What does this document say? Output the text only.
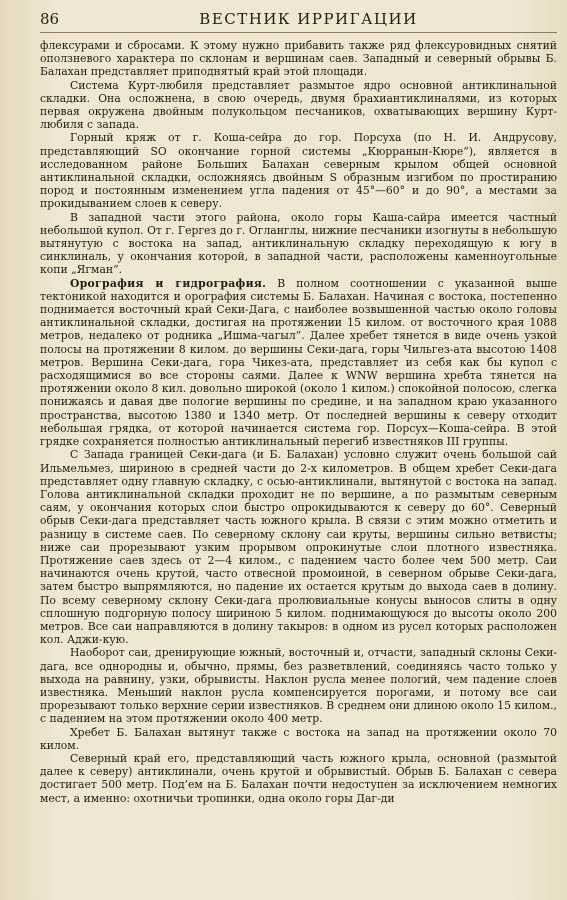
86	ВЕСТНИК ИРРИГАЦИИ

флексурами и сбросами. К этому нужно прибавить также ряд флексуровидных снятий оползневого характера по склонам и вершинам саев. Западный и северный обрывы Б. Балахан представляет приподнятый край этой площади.

Система Курт-любиля представляет размытое ядро основной антиклинальной складки. Она осложнена, в свою очередь, двумя брахиантиклиналями, из которых первая окружена двойным полукольцом песчаников, охватывающих вершину Курт-любиля с запада.

Горный кряж от г. Коша-сейра до гор. Порсуха (по Н. И. Андрусову, представляющий SO окончание горной системы „Кюрранын-Кюре“), является в исследованном районе Больших Балахан северным крылом общей основной антиклинальной складки, осложняясь двойным S образным изгибом по простиранию пород и постоянным изменением угла падения от 45°—60° и до 90°, а местами за прокидыванием слоев к северу.

В западной части этого района, около горы Каша-сайра имеется частный небольшой купол. От г. Гергез до г. Огланглы, нижние песчаники изогнуты в небольшую вытянутую с востока на запад, антиклинальную складку переходящую к югу в синклиналь, у окончания которой, в западной части, расположены каменноугольные копи „Ягман“.

Орография и гидрография. В полном соотношении с указанной выше тектоникой находится и орография системы Б. Балахан. Начиная с востока, постепенно поднимается восточный край Секи-Дага, с наиболее возвышенной частью около головы антиклинальной складки, достигая на протяжении 15 килом. от восточного края 1088 метров, недалеко от родника „Ишма-чагыл“. Далее хребет тянется в виде очень узкой полосы на протяжении 8 килом. до вершины Секи-дага, горы Чильгез-ата высотою 1408 метров. Вершина Секи-дага, гора Чикез-ата, представляет из себя как бы купол с расходящимися во все стороны саями. Далее к WNW вершина хребта тянется на протяжении около 8 кил. довольно широкой (около 1 килом.) спокойной полосою, слегка понижаясь и давая две пологие вершины по средине, и на западном краю указанного пространства, высотою 1380 и 1340 метр. От последней вершины к северу отходит небольшая грядка, от которой начинается система гор. Порсух—Коша-сейра. В этой грядке сохраняется полностью антиклинальный перегиб известняков III группы.

С Запада границей Секи-дага (и Б. Балахан) условно служит очень большой сай Ильмельмез, шириною в средней части до 2-х километров. В общем хребет Секи-дага представляет одну главную складку, с осью-антиклинали, вытянутой с востока на запад. Голова антиклинальной складки проходит не по вершине, а по размытым северным саям, у окончания которых слои быстро опрокидываются к северу до 60°. Северный обрыв Секи-дага представляет часть южного крыла. В связи с этим можно отметить и разницу в системе саев. По северному склону саи круты, вершины сильно ветвисты; ниже саи прорезывают узким прорывом опрокинутые слои плотного известняка. Протяжение саев здесь от 2—4 килом., с падением часто более чем 500 метр. Саи начинаются очень крутой, часто отвесной промоиной, в северном обрыве Секи-дага, затем быстро выпрямляются, но падение их остается крутым до выхода саев в долину. По всему северному склону Секи-дага пролювиальные конусы выносов слиты в одну сплошную подгорную полосу шириною 5 килом. поднимающуюся до высоты около 200 метров. Все саи направляются в долину такыров: в одном из русел которых расположен кол. Аджи-кую.

Наоборот саи, дренирующие южный, восточный и, отчасти, западный склоны Секи-дага, все однородны и, обычно, прямы, без разветвлений, соединяясь часто только у выхода на равнину, узки, обрывисты. Наклон русла менее пологий, чем падение слоев известняка. Меньший наклон русла компенсируется порогами, и потому все саи прорезывают только верхние серии известняков. В среднем они длиною около 15 килом., с падением на этом протяжении около 400 метр.

Хребет Б. Балахан вытянут также с востока на запад на протяжении около 70 килом.

Северный край его, представляющий часть южного крыла, основной (размытой далее к северу) антиклинали, очень крутой и обрывистый. Обрыв Б. Балахан с севера достигает 500 метр. Под’ем на Б. Балахан почти недоступен за исключением немногих мест, а именно: охотничьи тропинки, одна около горы Даг-ди
